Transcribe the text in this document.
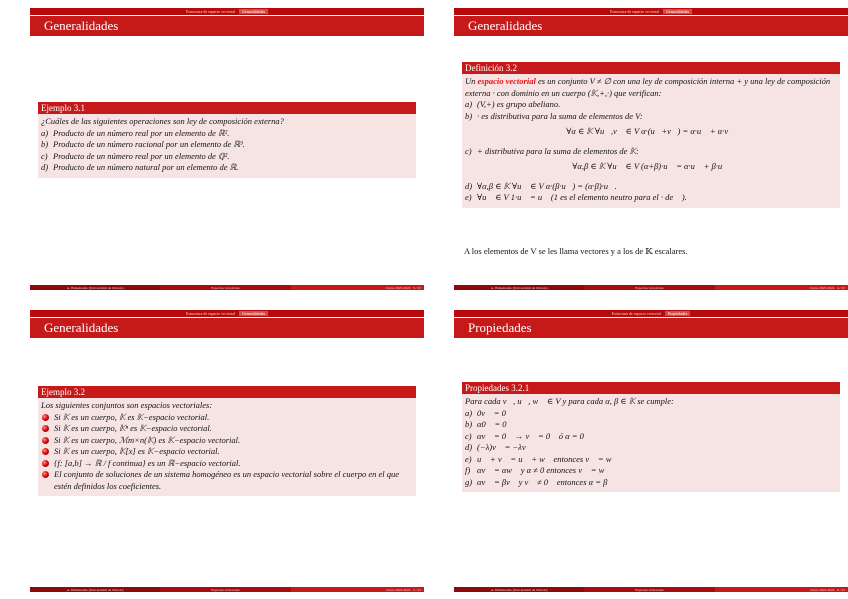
Estructura de espacio vectorial	Generalidades
Generalidades
Ejemplo 3.1
¿Cuáles de las siguientes operaciones son ley de composición externa?
a) Producto de un número real por un elemento de ℝ².
b) Producto de un número racional por un elemento de ℝ³.
c) Producto de un número real por un elemento de ℚ².
d) Producto de un número natural por un elemento de ℝ.
A. Bahamonde (Universidad de Oviedo)	Espacios vectoriales	Curso 2023-2024
3 / 45
Estructura de espacio vectorial	Generalidades
Generalidades
Definición 3.2
Un espacio vectorial es un conjunto V ≠ ∅ con una ley de composición interna + y una ley de composición externa · con dominio en un cuerpo (𝕂,+,·) que verifican:
a) (V,+) es grupo abeliano.
b) · es distributiva para la suma de elementos de V:
∀α ∈ 𝕂 ∀u⃗,v⃗ ∈ V α·(u⃗+v⃗) = α·u⃗ + α·v⃗
c) + distributiva para la suma de elementos de 𝕂:
∀α,β ∈ 𝕂 ∀u⃗ ∈ V (α+β)·u⃗ = α·u⃗ + β·u⃗
d) ∀α,β ∈ 𝕂 ∀u⃗ ∈ V α·(β·u⃗) = (α·β)·u⃗.
e) ∀u⃗ ∈ V 1·u⃗ = u⃗ (1 es el elemento neutro para el · de 𝕂).
A los elementos de V se les llama vectores y a los de 𝕂 escalares.
A. Bahamonde (Universidad de Oviedo)	Espacios vectoriales	Curso 2023-2024
4 / 45
Estructura de espacio vectorial	Generalidades
Generalidades
Ejemplo 3.2
Los siguientes conjuntos son espacios vectoriales:
Si 𝕂 es un cuerpo, 𝕂 es 𝕂−espacio vectorial.
Si 𝕂 es un cuerpo, 𝕂ⁿ es 𝕂−espacio vectorial.
Si 𝕂 es un cuerpo, ℳm×n(𝕂) es 𝕂−espacio vectorial.
Si 𝕂 es un cuerpo, 𝕂[x] es 𝕂−espacio vectorial.
{f: [a,b] → ℝ / f continua} es un ℝ−espacio vectorial.
El conjunto de soluciones de un sistema homogéneo es un espacio vectorial sobre el cuerpo en el que estén definidos los coeficientes.
A. Bahamonde (Universidad de Oviedo)	Espacios vectoriales	Curso 2023-2024
5 / 45
Estructura de espacio vectorial	Propiedades
Propiedades
Propiedades 3.2.1
Para cada v⃗, u⃗, w⃗ ∈ V y para cada α, β ∈ 𝕂 se cumple:
a) 0v⃗ = 0⃗
b) α0⃗ = 0⃗
c) αv⃗ = 0⃗ → v⃗ = 0⃗ ó α = 0
d) (−λ)v⃗ = −λv⃗
e) u⃗ + v⃗ = u⃗ + w⃗ entonces v⃗ = w⃗
f) αv⃗ = αw⃗ y α ≠ 0 entonces v⃗ = w⃗
g) αv⃗ = βv⃗ y v⃗ ≠ 0⃗ entonces α = β
A. Bahamonde (Universidad de Oviedo)	Espacios vectoriales	Curso 2023-2024
6 / 45
